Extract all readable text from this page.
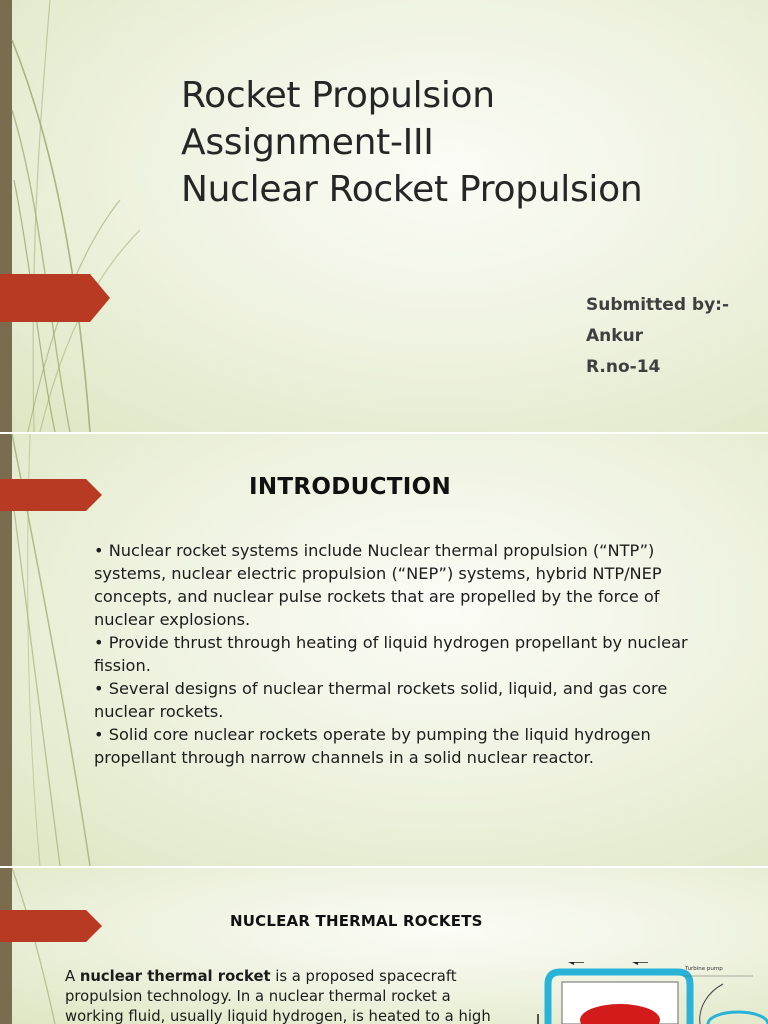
Rocket Propulsion
Assignment-III
Nuclear Rocket Propulsion
Submitted by:-
Ankur
R.no-14
INTRODUCTION

• Nuclear rocket systems include Nuclear thermal propulsion (“NTP”) systems, nuclear electric propulsion (“NEP”) systems, hybrid NTP/NEP concepts, and nuclear pulse rockets that are propelled by the force of nuclear explosions.

• Provide thrust through heating of liquid hydrogen propellant by nuclear fission.

• Several designs of nuclear thermal rockets solid, liquid, and gas core nuclear rockets.

• Solid core nuclear rockets operate by pumping the liquid hydrogen propellant through narrow channels in a solid nuclear reactor.

NUCLEAR THERMAL ROCKETS

A nuclear thermal rocket is a proposed spacecraft propulsion technology. In a nuclear thermal rocket a working fluid, usually liquid hydrogen, is heated to a high

Turbine pump
